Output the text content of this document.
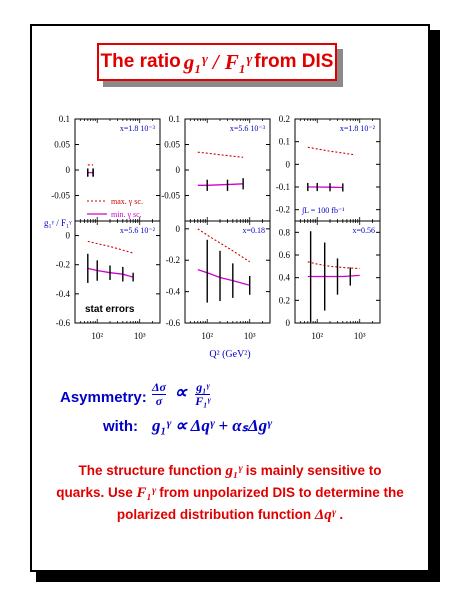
The ratio g₁ᵞ / F₁ᵞ from DIS
0.1
0.05
0
-0.05
x=1.8 10⁻³
0.1
0.05
0
-0.05
x=5.6 10⁻³
0.2
0.1
0
-0.1
-0.2
x=1.8 10⁻²
0
-0.2
-0.4
-0.6
x=5.6 10⁻² 0
-0.2
-0.4
-0.6
x=0.18 0.8
0.6
0.4
0.2
0
x=0.56
max. γ sc.
min. γ sc.	∫L = 100 fb⁻¹
stat errors
g₁ᵞ / F₁ᵞ
10²	10³	10²	10³	10²	10³
Q² (GeV²)
Asymmetry: $\frac{\Delta\sigma}{\sigma} \propto \frac{\text{g₁ᵞ}}{\text{F₁ᵞ}}$
with: g₁ᵞ ∝ Δqᵞ + αₛΔgᵞ
The structure function g₁ᵞ is mainly sensitive to
quarks. Use F₁ᵞ from unpolarized DIS to determine the
polarized distribution function Δqᵞ .
